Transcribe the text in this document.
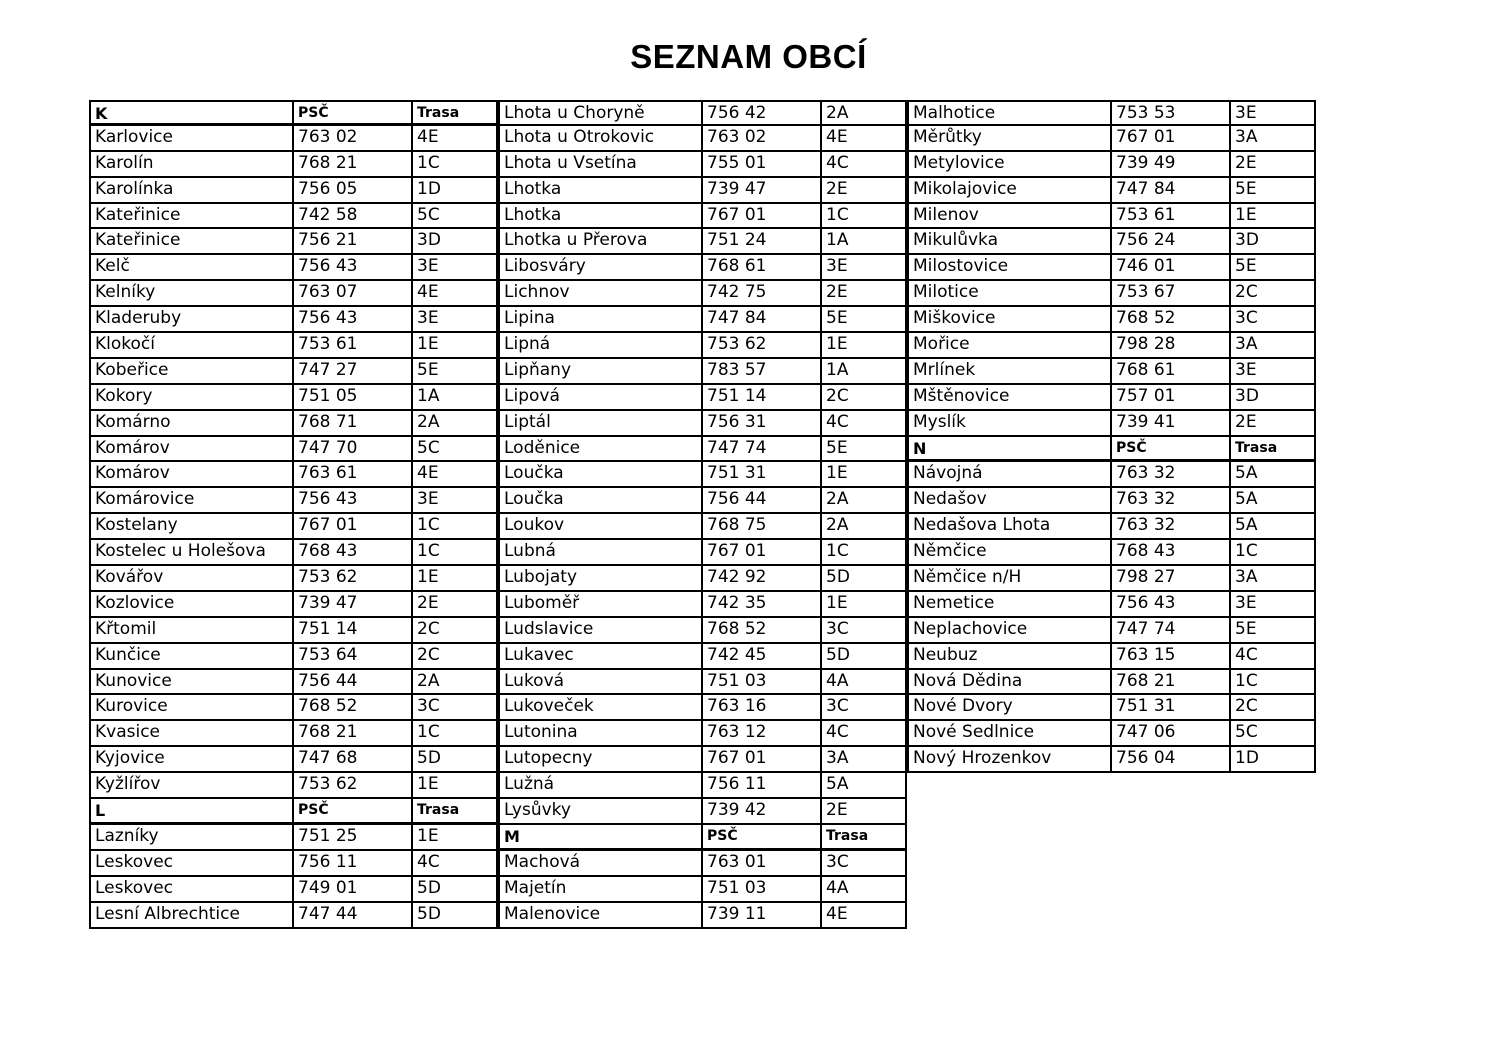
SEZNAM OBCÍ
K	PSČ	Trasa
Karlovice	763 02	4E
Karolín	768 21	1C
Karolínka	756 05	1D
Kateřinice	742 58	5C
Kateřinice	756 21	3D
Kelč	756 43	3E
Kelníky	763 07	4E
Kladeruby	756 43	3E
Klokočí	753 61	1E
Kobeřice	747 27	5E
Kokory	751 05	1A
Komárno	768 71	2A
Komárov	747 70	5C
Komárov	763 61	4E
Komárovice	756 43	3E
Kostelany	767 01	1C
Kostelec u Holešova	768 43	1C
Kovářov	753 62	1E
Kozlovice	739 47	2E
Křtomil	751 14	2C
Kunčice	753 64	2C
Kunovice	756 44	2A
Kurovice	768 52	3C
Kvasice	768 21	1C
Kyjovice	747 68	5D
Kyžlířov	753 62	1E
L	PSČ	Trasa
Lazníky	751 25	1E
Leskovec	756 11	4C
Leskovec	749 01	5D
Lesní Albrechtice	747 44	5D
Lhota u Choryně	756 42	2A
Lhota u Otrokovic	763 02	4E
Lhota u Vsetína	755 01	4C
Lhotka	739 47	2E
Lhotka	767 01	1C
Lhotka u Přerova	751 24	1A
Libosváry	768 61	3E
Lichnov	742 75	2E
Lipina	747 84	5E
Lipná	753 62	1E
Lipňany	783 57	1A
Lipová	751 14	2C
Liptál	756 31	4C
Loděnice	747 74	5E
Loučka	751 31	1E
Loučka	756 44	2A
Loukov	768 75	2A
Lubná	767 01	1C
Lubojaty	742 92	5D
Luboměř	742 35	1E
Ludslavice	768 52	3C
Lukavec	742 45	5D
Luková	751 03	4A
Lukoveček	763 16	3C
Lutonina	763 12	4C
Lutopecny	767 01	3A
Lužná	756 11	5A
Lysůvky	739 42	2E
M	PSČ	Trasa
Machová	763 01	3C
Majetín	751 03	4A
Malenovice	739 11	4E
Malhotice	753 53	3E
Měrůtky	767 01	3A
Metylovice	739 49	2E
Mikolajovice	747 84	5E
Milenov	753 61	1E
Mikulůvka	756 24	3D
Milostovice	746 01	5E
Milotice	753 67	2C
Miškovice	768 52	3C
Mořice	798 28	3A
Mrlínek	768 61	3E
Mštěnovice	757 01	3D
Myslík	739 41	2E
N	PSČ	Trasa
Návojná	763 32	5A
Nedašov	763 32	5A
Nedašova Lhota	763 32	5A
Němčice	768 43	1C
Němčice n/H	798 27	3A
Nemetice	756 43	3E
Neplachovice	747 74	5E
Neubuz	763 15	4C
Nová Dědina	768 21	1C
Nové Dvory	751 31	2C
Nové Sedlnice	747 06	5C
Nový Hrozenkov	756 04	1D
